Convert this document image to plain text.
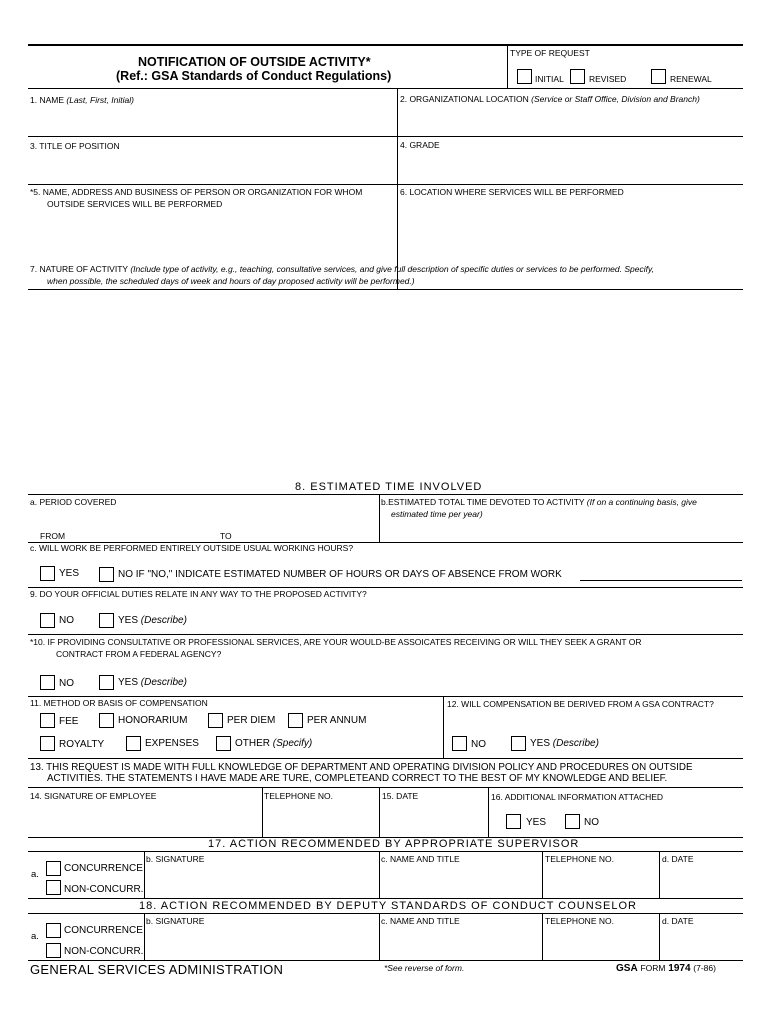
NOTIFICATION OF OUTSIDE ACTIVITY*
(Ref.: GSA Standards of Conduct Regulations)
TYPE OF REQUEST
INITIAL	REVISED	RENEWAL
1. NAME (Last, First, Initial)	2. ORGANIZATIONAL LOCATION (Service or Staff Office, Division and Branch)
3. TITLE OF POSITION	4. GRADE
*5. NAME, ADDRESS AND BUSINESS OF PERSON OR ORGANIZATION FOR WHOM
OUTSIDE SERVICES WILL BE PERFORMED
6. LOCATION WHERE SERVICES WILL BE PERFORMED
7. NATURE OF ACTIVITY (Include type of activity, e.g., teaching, consultative services, and give full description of specific duties or services to be performed. Specify,
when possible, the scheduled days of week and hours of day proposed activity will be performed.)
8. ESTIMATED TIME INVOLVED
a. PERIOD COVERED	b.ESTIMATED TOTAL TIME DEVOTED TO ACTIVITY (If on a continuing basis, give
estimated time per year)
FROM	TO
c. WILL WORK BE PERFORMED ENTIRELY OUTSIDE USUAL WORKING HOURS?
YES	NO IF "NO," INDICATE ESTIMATED NUMBER OF HOURS OR DAYS OF ABSENCE FROM WORK
9. DO YOUR OFFICIAL DUTIES RELATE IN ANY WAY TO THE PROPOSED ACTIVITY?
NO	YES (Describe)
*10. IF PROVIDING CONSULTATIVE OR PROFESSIONAL SERVICES, ARE YOUR WOULD-BE ASSOICATES RECEIVING OR WILL THEY SEEK A GRANT OR
CONTRACT FROM A FEDERAL AGENCY?
NO	YES (Describe)
11. METHOD OR BASIS OF COMPENSATION	12. WILL COMPENSATION BE DERIVED FROM A GSA CONTRACT?
FEE	HONORARIUM	PER DIEM	PER ANNUM
ROYALTY	EXPENSES	OTHER (Specify)	NO	YES (Describe)
13. THIS REQUEST IS MADE WITH FULL KNOWLEDGE OF DEPARTMENT AND OPERATING DIVISION POLICY AND PROCEDURES ON OUTSIDE
ACTIVITIES. THE STATEMENTS I HAVE MADE ARE TURE, COMPLETEAND CORRECT TO THE BEST OF MY KNOWLEDGE AND BELIEF.
14. SIGNATURE OF EMPLOYEE	TELEPHONE NO.	15. DATE	16. ADDITIONAL INFORMATION ATTACHED
YES	NO
17. ACTION RECOMMENDED BY APPROPRIATE SUPERVISOR
CONCURRENCE
a.
NON-CONCURR.
b. SIGNATURE	c. NAME AND TITLE	TELEPHONE NO.	d. DATE
18. ACTION RECOMMENDED BY DEPUTY STANDARDS OF CONDUCT COUNSELOR
CONCURRENCE
a.
NON-CONCURR.
b. SIGNATURE	c. NAME AND TITLE	TELEPHONE NO.	d. DATE
GENERAL SERVICES ADMINISTRATION	*See reverse of form.	GSA FORM 1974 (7-86)
